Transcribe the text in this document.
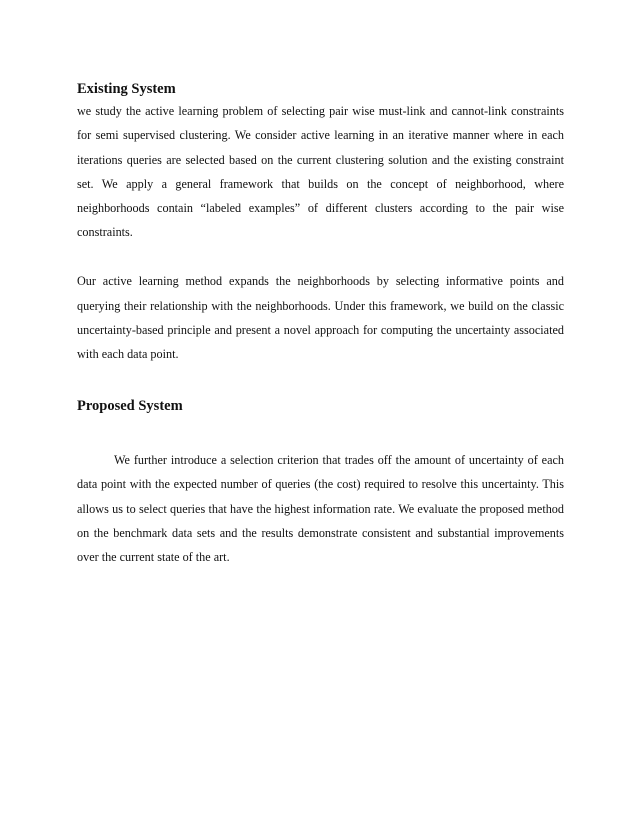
Existing System

we study the active learning problem of selecting pair wise must-link and cannot-link constraints for semi supervised clustering. We consider active learning in an iterative manner where in each iterations queries are selected based on the current clustering solution and the existing constraint set. We apply a general framework that builds on the concept of neighborhood, where neighborhoods contain “labeled examples” of different clusters according to the pair wise constraints.

Our active learning method expands the neighborhoods by selecting informative points and querying their relationship with the neighborhoods. Under this framework, we build on the classic uncertainty-based principle and present a novel approach for computing the uncertainty associated with each data point.

Proposed System

We further introduce a selection criterion that trades off the amount of uncertainty of each data point with the expected number of queries (the cost) required to resolve this uncertainty. This allows us to select queries that have the highest information rate. We evaluate the proposed method on the benchmark data sets and the results demonstrate consistent and substantial improvements over the current state of the art.
